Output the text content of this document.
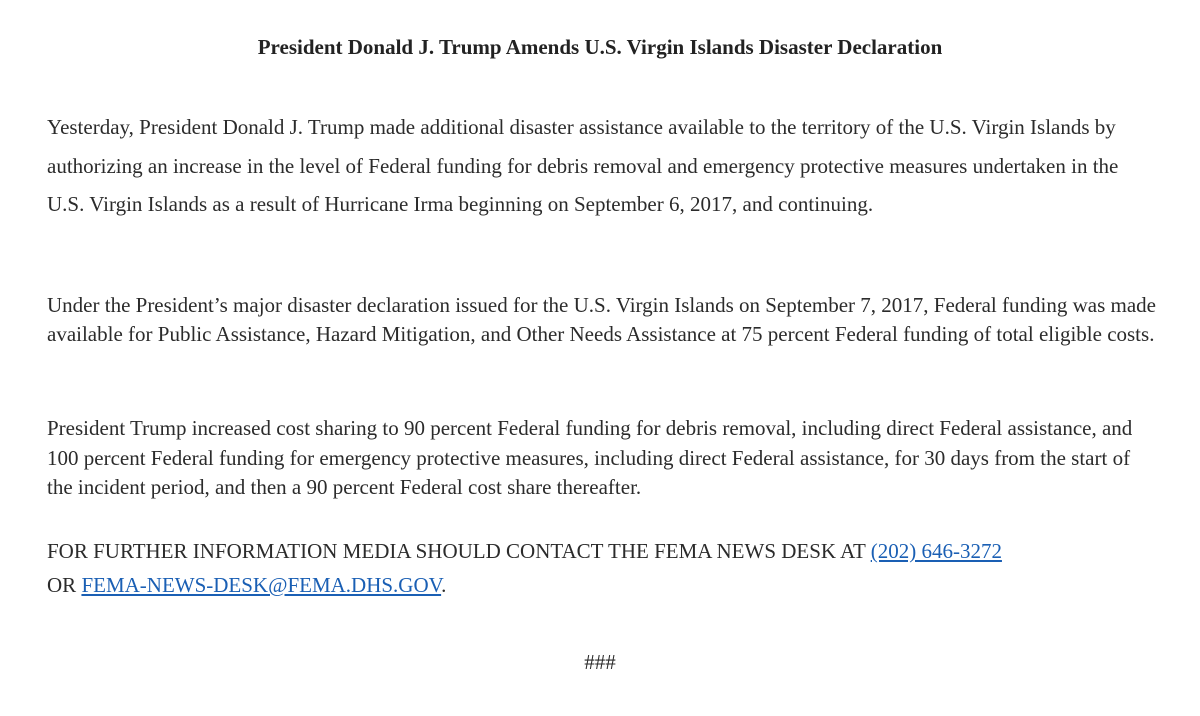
President Donald J. Trump Amends U.S. Virgin Islands Disaster Declaration

Yesterday, President Donald J. Trump made additional disaster assistance available to the territory of the U.S. Virgin Islands by authorizing an increase in the level of Federal funding for debris removal and emergency protective measures undertaken in the U.S. Virgin Islands as a result of Hurricane Irma beginning on September 6, 2017, and continuing.

Under the President’s major disaster declaration issued for the U.S. Virgin Islands on September 7, 2017, Federal funding was made available for Public Assistance, Hazard Mitigation, and Other Needs Assistance at 75 percent Federal funding of total eligible costs.

President Trump increased cost sharing to 90 percent Federal funding for debris removal, including direct Federal assistance, and 100 percent Federal funding for emergency protective measures, including direct Federal assistance, for 30 days from the start of the incident period, and then a 90 percent Federal cost share thereafter.

FOR FURTHER INFORMATION MEDIA SHOULD CONTACT THE FEMA NEWS DESK AT (202) 646-3272
OR FEMA-NEWS-DESK@FEMA.DHS.GOV.

###
